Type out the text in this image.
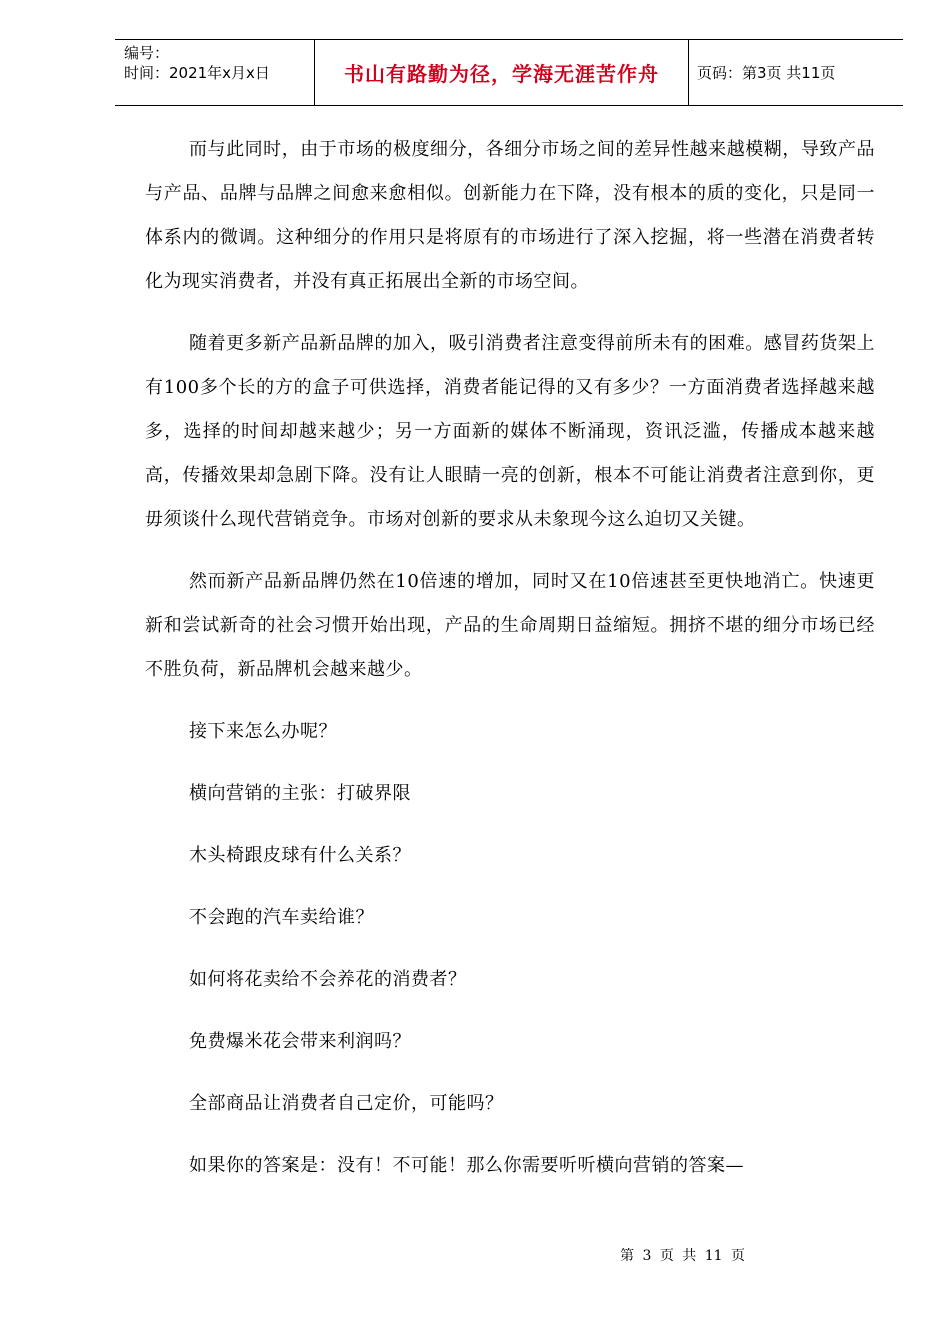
编号：
时间：2021年x月x日	书山有路勤为径，学海无涯苦作舟	页码：第3页 共11页

而与此同时，由于市场的极度细分，各细分市场之间的差异性越来越模糊，导致产品与产品、品牌与品牌之间愈来愈相似。创新能力在下降，没有根本的质的变化，只是同一体系内的微调。这种细分的作用只是将原有的市场进行了深入挖掘，将一些潜在消费者转化为现实消费者，并没有真正拓展出全新的市场空间。

随着更多新产品新品牌的加入，吸引消费者注意变得前所未有的困难。感冒药货架上有100多个长的方的盒子可供选择，消费者能记得的又有多少？一方面消费者选择越来越多，选择的时间却越来越少；另一方面新的媒体不断涌现，资讯泛滥，传播成本越来越高，传播效果却急剧下降。没有让人眼睛一亮的创新，根本不可能让消费者注意到你，更毋须谈什么现代营销竞争。市场对创新的要求从未象现今这么迫切又关键。

然而新产品新品牌仍然在10倍速的增加，同时又在10倍速甚至更快地消亡。快速更新和尝试新奇的社会习惯开始出现，产品的生命周期日益缩短。拥挤不堪的细分市场已经不胜负荷，新品牌机会越来越少。

接下来怎么办呢？

横向营销的主张：打破界限

木头椅跟皮球有什么关系？

不会跑的汽车卖给谁？

如何将花卖给不会养花的消费者？

免费爆米花会带来利润吗？

全部商品让消费者自己定价，可能吗？

如果你的答案是：没有！不可能！那么你需要听听横向营销的答案—

第 3 页 共 11 页
